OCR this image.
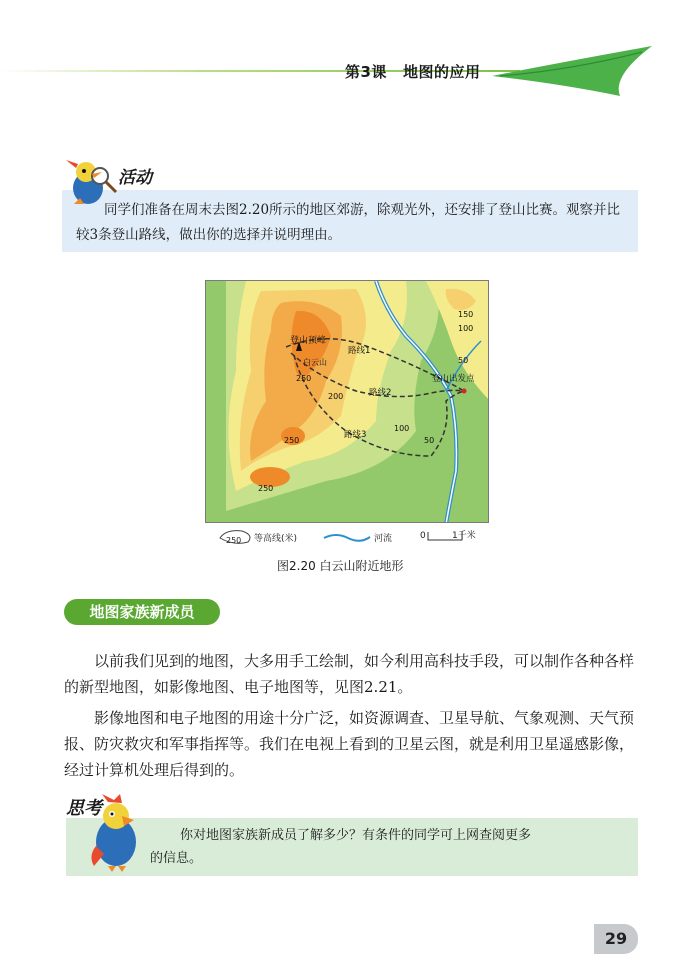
第3课 地图的应用
活动
同学们准备在周末去图2.20所示的地区郊游，除观光外，还安排了登山比赛。观察并比较3条登山路线，做出你的选择并说明理由。
登山顶峰
白云山
登山出发点
路线1
路线2
路线3
150
100
50
200
100
50
250
250
250
250 等高线(米)	河流	0	1千米
图2.20 白云山附近地形
地图家族新成员
以前我们见到的地图，大多用手工绘制，如今利用高科技手段，可以制作各种各样的新型地图，如影像地图、电子地图等，见图2.21。
影像地图和电子地图的用途十分广泛，如资源调查、卫星导航、气象观测、天气预报、防灾救灾和军事指挥等。我们在电视上看到的卫星云图，就是利用卫星遥感影像，经过计算机处理后得到的。
思考
你对地图家族新成员了解多少？有条件的同学可上网查阅更多
的信息。
29
